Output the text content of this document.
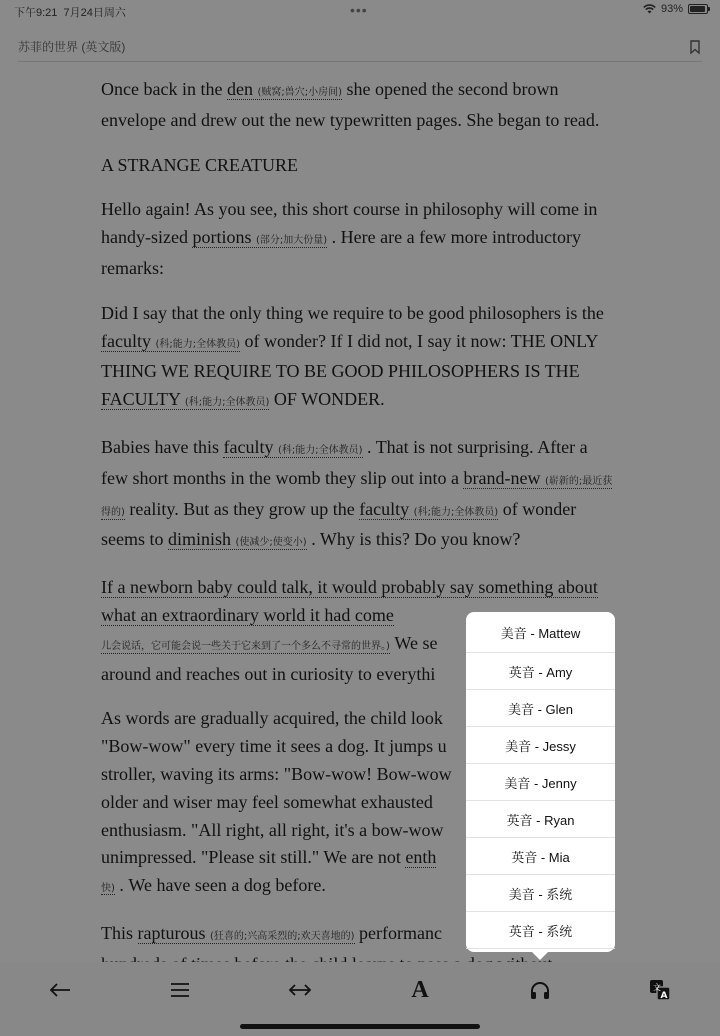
下午9:21 7月24日周六	•••	93%
苏菲的世界 (英文版)

Once back in the den (贼窝;兽穴;小房间) she opened the second brown envelope and drew out the new typewritten pages. She began to read.

A STRANGE CREATURE

Hello again! As you see, this short course in philosophy will come in handy-sized portions (部分;加大份量) . Here are a few more introductory remarks:

Did I say that the only thing we require to be good philosophers is the faculty (科;能力;全体教员) of wonder? If I did not, I say it now: THE ONLY THING WE REQUIRE TO BE GOOD PHILOSOPHERS IS THE FACULTY (科;能力;全体教员) OF WONDER.

Babies have this faculty (科;能力;全体教员) . That is not surprising. After a few short months in the womb they slip out into a brand-new (崭新的;最近获得的) reality. But as they grow up the faculty (科;能力;全体教员) of wonder seems to diminish (使减少;使变小) . Why is this? Do you know?

If a newborn baby could talk, it would probably say something about what an extraordinary world it had come
儿会说话，它可能会说一些关于它来到了一个多么不寻常的世界。) We se
around and reaches out in curiosity to everythi

As words are gradually acquired, the child look
"Bow-wow" every time it sees a dog. It jumps u
stroller, waving its arms: "Bow-wow! Bow-wow
older and wiser may feel somewhat exhausted
enthusiasm. "All right, all right, it's a bow-wow
unimpressed. "Please sit still." We are not enth
快) . We have seen a dog before.

This rapturous (狂喜的;兴高采烈的;欢天喜地的) performanc

美音 - Mattew
英音 - Amy
美音 - Glen
美音 - Jessy
美音 - Jenny
英音 - Ryan
英音 - Mia
美音 - 系统
英音 - 系统
A	文
A
